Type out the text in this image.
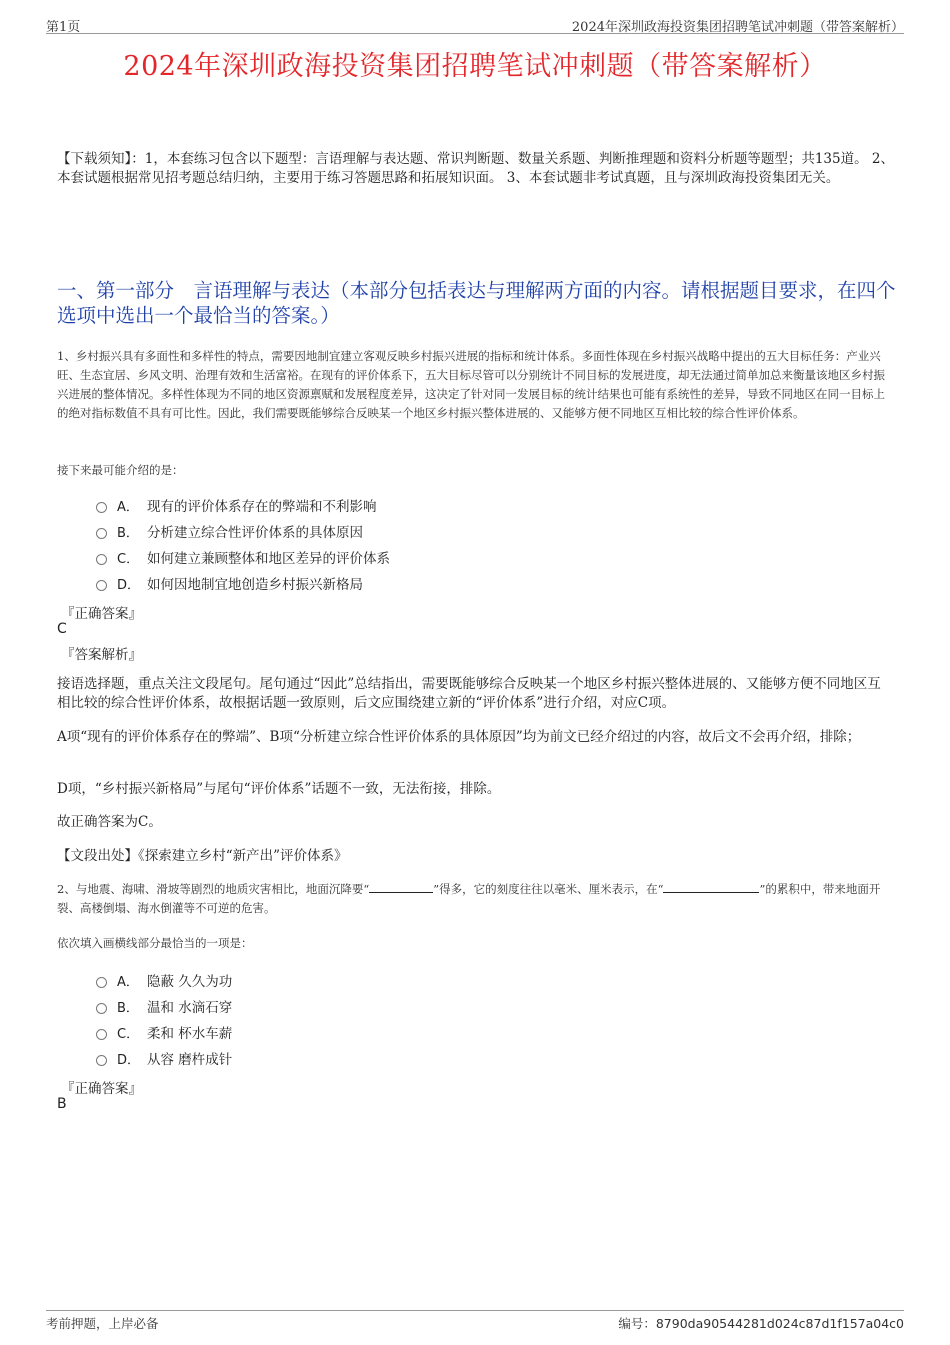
第1页	2024年深圳政海投资集团招聘笔试冲刺题（带答案解析）
2024年深圳政海投资集团招聘笔试冲刺题（带答案解析）
【下载须知】：1，本套练习包含以下题型：言语理解与表达题、常识判断题、数量关系题、判断推理题和资料分析题等题型；共135道。 2、本套试题根据常见招考题总结归纳，主要用于练习答题思路和拓展知识面。 3、本套试题非考试真题，且与深圳政海投资集团无关。
一、第一部分　言语理解与表达（本部分包括表达与理解两方面的内容。请根据题目要求，在四个选项中选出一个最恰当的答案。）
1、乡村振兴具有多面性和多样性的特点，需要因地制宜建立客观反映乡村振兴进展的指标和统计体系。多面性体现在乡村振兴战略中提出的五大目标任务：产业兴旺、生态宜居、乡风文明、治理有效和生活富裕。在现有的评价体系下，五大目标尽管可以分别统计不同目标的发展进度，却无法通过简单加总来衡量该地区乡村振兴进展的整体情况。多样性体现为不同的地区资源禀赋和发展程度差异，这决定了针对同一发展目标的统计结果也可能有系统性的差异，导致不同地区在同一目标上的绝对指标数值不具有可比性。因此，我们需要既能够综合反映某一个地区乡村振兴整体进展的、又能够方便不同地区互相比较的综合性评价体系。
接下来最可能介绍的是：
A． 现有的评价体系存在的弊端和不利影响
B． 分析建立综合性评价体系的具体原因
C． 如何建立兼顾整体和地区差异的评价体系
D． 如何因地制宜地创造乡村振兴新格局
『正确答案』
C
『答案解析』
接语选择题，重点关注文段尾句。尾句通过“因此”总结指出，需要既能够综合反映某一个地区乡村振兴整体进展的、又能够方便不同地区互相比较的综合性评价体系，故根据话题一致原则，后文应围绕建立新的“评价体系”进行介绍，对应C项。
A项“现有的评价体系存在的弊端”、B项“分析建立综合性评价体系的具体原因”均为前文已经介绍过的内容，故后文不会再介绍，排除；
D项，“乡村振兴新格局”与尾句“评价体系”话题不一致，无法衔接，排除。
故正确答案为C。
【文段出处】《探索建立乡村“新产出”评价体系》
2、与地震、海啸、滑坡等剧烈的地质灾害相比，地面沉降要“	”得多，它的刻度往往以毫米、厘米表示，在“	”的累积中，带来地面开裂、高楼倒塌、海水倒灌等不可逆的危害。
依次填入画横线部分最恰当的一项是：
A． 隐蔽 久久为功
B． 温和 水滴石穿
C． 柔和 杯水车薪
D． 从容 磨杵成针
『正确答案』
B
考前押题，上岸必备	编号：8790da90544281d024c87d1f157a04c0
